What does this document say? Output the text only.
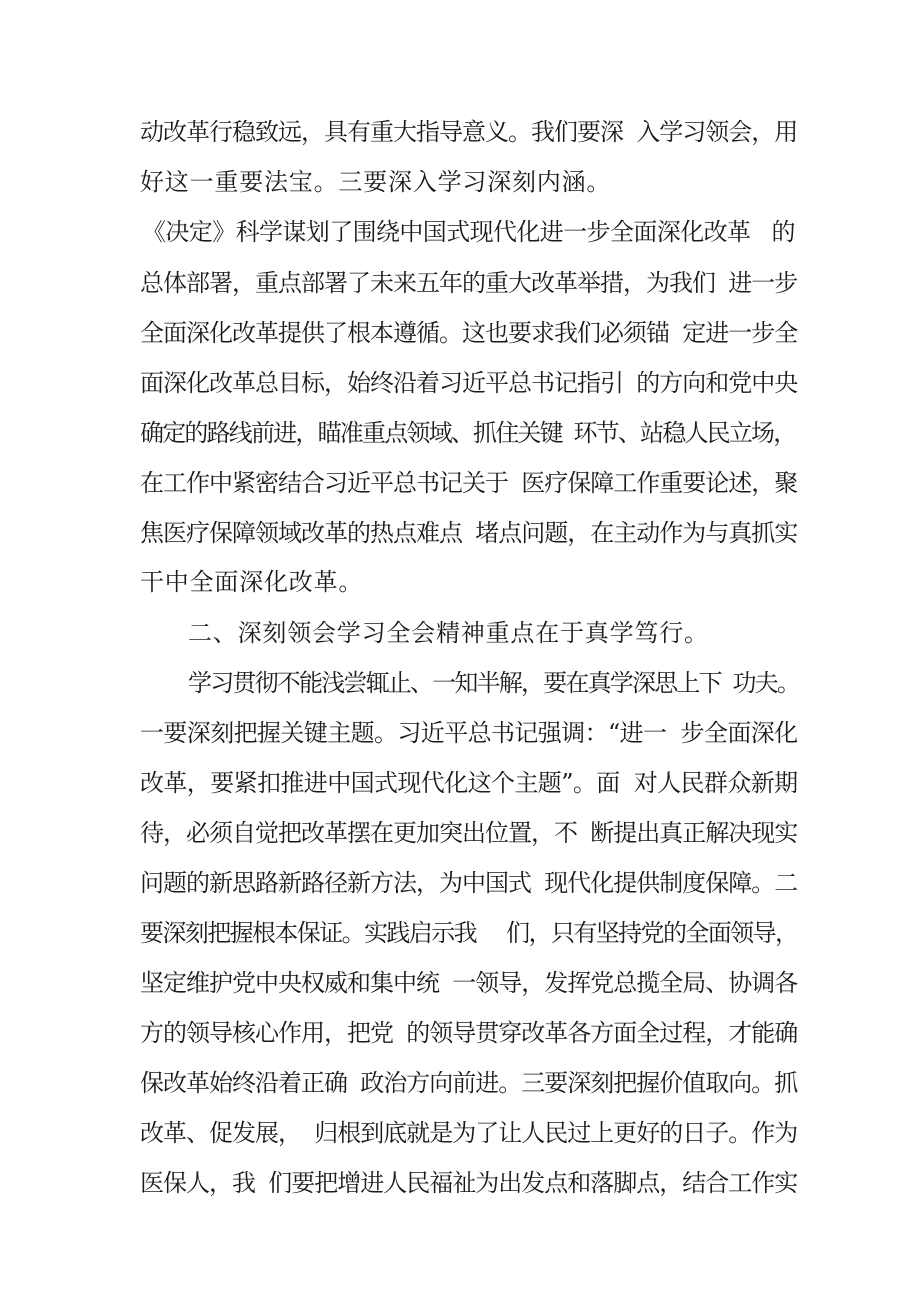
动改革行稳致远，具有重大指导意义。我们要深  入学习领会，用
好这一重要法宝。三要深入学习深刻内涵。
《决定》科学谋划了围绕中国式现代化进一步全面深化改革   的
总体部署，重点部署了未来五年的重大改革举措，为我们  进一步
全面深化改革提供了根本遵循。这也要求我们必须锚  定进一步全
面深化改革总目标，始终沿着习近平总书记指引  的方向和党中央
确定的路线前进，瞄准重点领域、抓住关键  环节、站稳人民立场，
在工作中紧密结合习近平总书记关于  医疗保障工作重要论述，聚
焦医疗保障领域改革的热点难点  堵点问题，在主动作为与真抓实
干中全面深化改革。
二、深刻领会学习全会精神重点在于真学笃行。
学习贯彻不能浅尝辄止、一知半解，要在真学深思上下  功夫。
一要深刻把握关键主题。习近平总书记强调：“进一  步全面深化
改革，要紧扣推进中国式现代化这个主题”。面  对人民群众新期
待，必须自觉把改革摆在更加突出位置，不  断提出真正解决现实
问题的新思路新路径新方法，为中国式  现代化提供制度保障。二
要深刻把握根本保证。实践启示我     们，只有坚持党的全面领导，
坚定维护党中央权威和集中统  一领导，发挥党总揽全局、协调各
方的领导核心作用，把党  的领导贯穿改革各方面全过程，才能确
保改革始终沿着正确  政治方向前进。三要深刻把握价值取向。抓
改革、促发展，  归根到底就是为了让人民过上更好的日子。作为
医保人，我  们要把增进人民福祉为出发点和落脚点，结合工作实
